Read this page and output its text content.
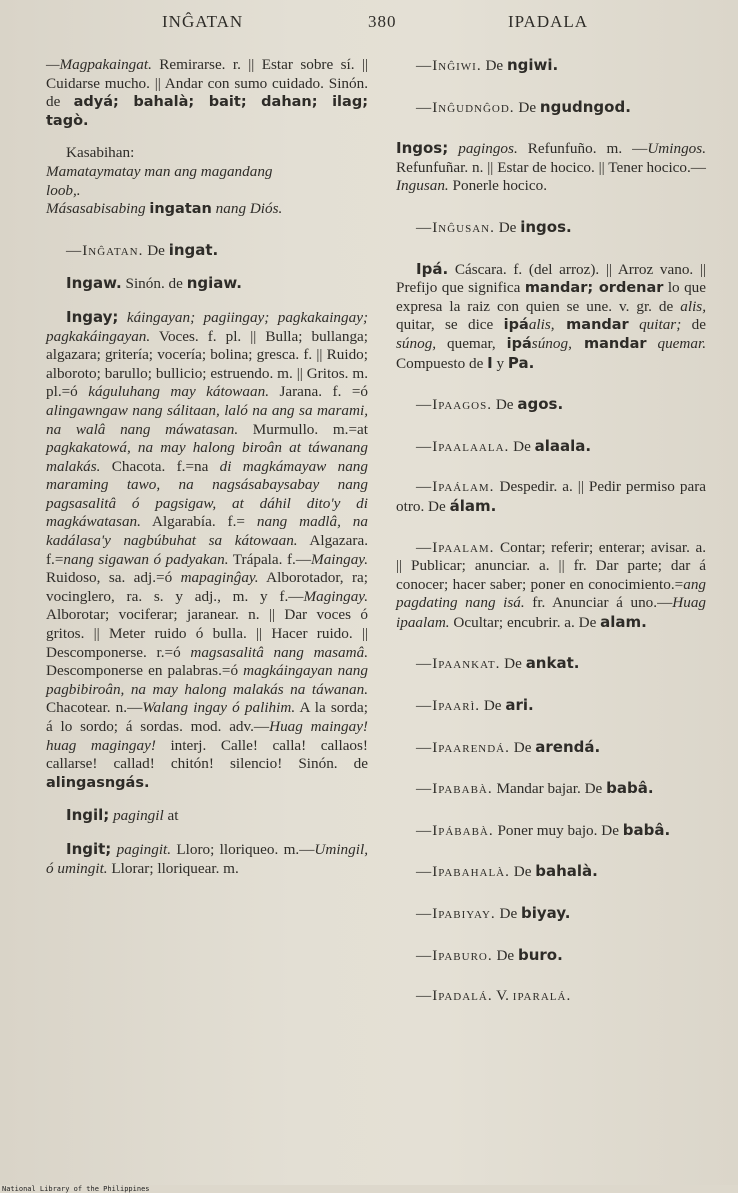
INĜATAN	380	IPADALA

—Magpakaingat. Remirarse. r. || Estar sobre sí. || Cuidarse mucho. || Andar con sumo cuidado. Sinón. de adyá; bahalà; bait; dahan; ilag; tagò.

Kasabihan:

Mamataymatay man ang magandang

loob,.

Másasabisabing ingatan nang Diós.

—Inĝatan. De ingat.

Ingaw. Sinón. de ngiaw.

Ingay; káingayan; pagiingay; pagkakaingay; pagkakáingayan. Voces. f. pl. || Bulla; bullanga; algazara; gritería; vocería; bolina; gresca. f. || Ruido; alboroto; barullo; bullicio; estruendo. m. || Gritos. m. pl.=ó káguluhang may kátowaan. Jarana. f. =ó alingawngaw nang sálitaan, laló na ang sa marami, na walâ nang máwatasan. Murmullo. m.=at pagkakatowá, na may halong biroân at táwanang malakás. Chacota. f.=na di magkámayaw nang maraming tawo, na nagsásabaysabay nang pagsasalitâ ó pagsigaw, at dáhil dito'y di magkáwatasan. Algarabía. f.= nang madlâ, na kadálasa'y nagbúbuhat sa kátowaan. Algazara. f.=nang sigawan ó padyakan. Trápala. f.—Maingay. Ruidoso, sa. adj.=ó mapaginĝay. Alborotador, ra; vocinglero, ra. s. y adj., m. y f.—Magingay. Alborotar; vociferar; jaranear. n. || Dar voces ó gritos. || Meter ruido ó bulla. || Hacer ruido. || Descomponerse. r.=ó magsasalitâ nang masamâ. Descomponerse en palabras.=ó magkáingayan nang pagbibiroân, na may halong malakás na táwanan. Chacotear. n.—Walang ingay ó palihim. A la sorda; á lo sordo; á sordas. mod. adv.—Huag maingay! huag magingay! interj. Calle! calla! callaos! callarse! callad! chitón! silencio! Sinón. de alingasngás.

Ingil; pagingil at

Ingit; pagingit. Lloro; lloriqueo. m.—Umingil, ó umingit. Llorar; lloriquear. m.

—Inĝiwi. De ngiwi.

—Inĝudnĝod. De ngudngod.

Ingos; pagingos. Refunfuño. m. —Umingos. Refunfuñar. n. || Estar de hocico. || Tener hocico.—Ingusan. Ponerle hocico.

—Inĝusan. De ingos.

Ipá. Cáscara. f. (del arroz). || Arroz vano. || Prefijo que significa mandar; ordenar lo que expresa la raiz con quien se une. v. gr. de alis, quitar, se dice ipáalis, mandar quitar; de súnog, quemar, ipásúnog, mandar quemar. Compuesto de I y Pa.

—Ipaagos. De agos.

—Ipaalaala. De alaala.

—Ipaálam. Despedir. a. || Pedir permiso para otro. De álam.

—Ipaalam. Contar; referir; enterar; avisar. a. || Publicar; anunciar. a. || fr. Dar parte; dar á conocer; hacer saber; poner en conocimiento.=ang pagdating nang isá. fr. Anunciar á uno.—Huag ipaalam. Ocultar; encubrir. a. De alam.

—Ipaankat. De ankat.

—Ipaarì. De ari.

—Ipaarendá. De arendá.

—Ipababà. Mandar bajar. De babâ.

—Ipábabà. Poner muy bajo. De babâ.

—Ipabahalà. De bahalà.

—Ipabiyay. De biyay.

—Ipaburo. De buro.

—Ipadalá. V. iparalá.

National Library of the Philippines
